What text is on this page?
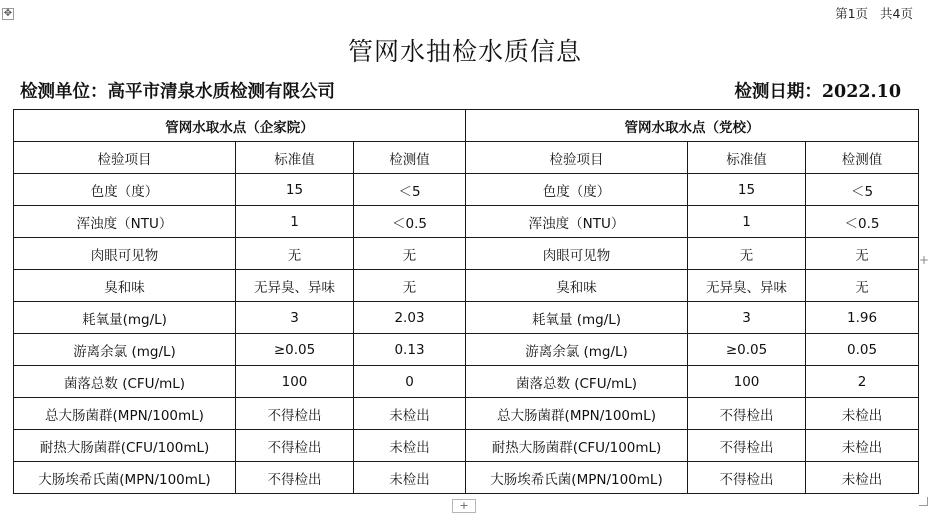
✥	第1页 共4页
管网水抽检水质信息
检测单位：高平市清泉水质检测有限公司	检测日期：2022.10
管网水取水点（企家院）			管网水取水点（党校）		
检验项目	标准值	检测值	检验项目	标准值	检测值
色度（度）	15	＜5	色度（度）	15	＜5
浑浊度（NTU）	1	＜0.5	浑浊度（NTU）	1	＜0.5
肉眼可见物	无	无	肉眼可见物	无	无
臭和味	无异臭、异味	无	臭和味	无异臭、异味	无
耗氧量(mg/L)	3	2.03	耗氧量 (mg/L)	3	1.96
游离余氯 (mg/L)	≥0.05	0.13	游离余氯 (mg/L)	≥0.05	0.05
菌落总数 (CFU/mL)	100	0	菌落总数 (CFU/mL)	100	2
总大肠菌群(MPN/100mL)	不得检出	未检出	总大肠菌群(MPN/100mL)	不得检出	未检出
耐热大肠菌群(CFU/100mL)	不得检出	未检出	耐热大肠菌群(CFU/100mL)	不得检出	未检出
大肠埃希氏菌(MPN/100mL)	不得检出	未检出	大肠埃希氏菌(MPN/100mL)	不得检出	未检出
+
+
